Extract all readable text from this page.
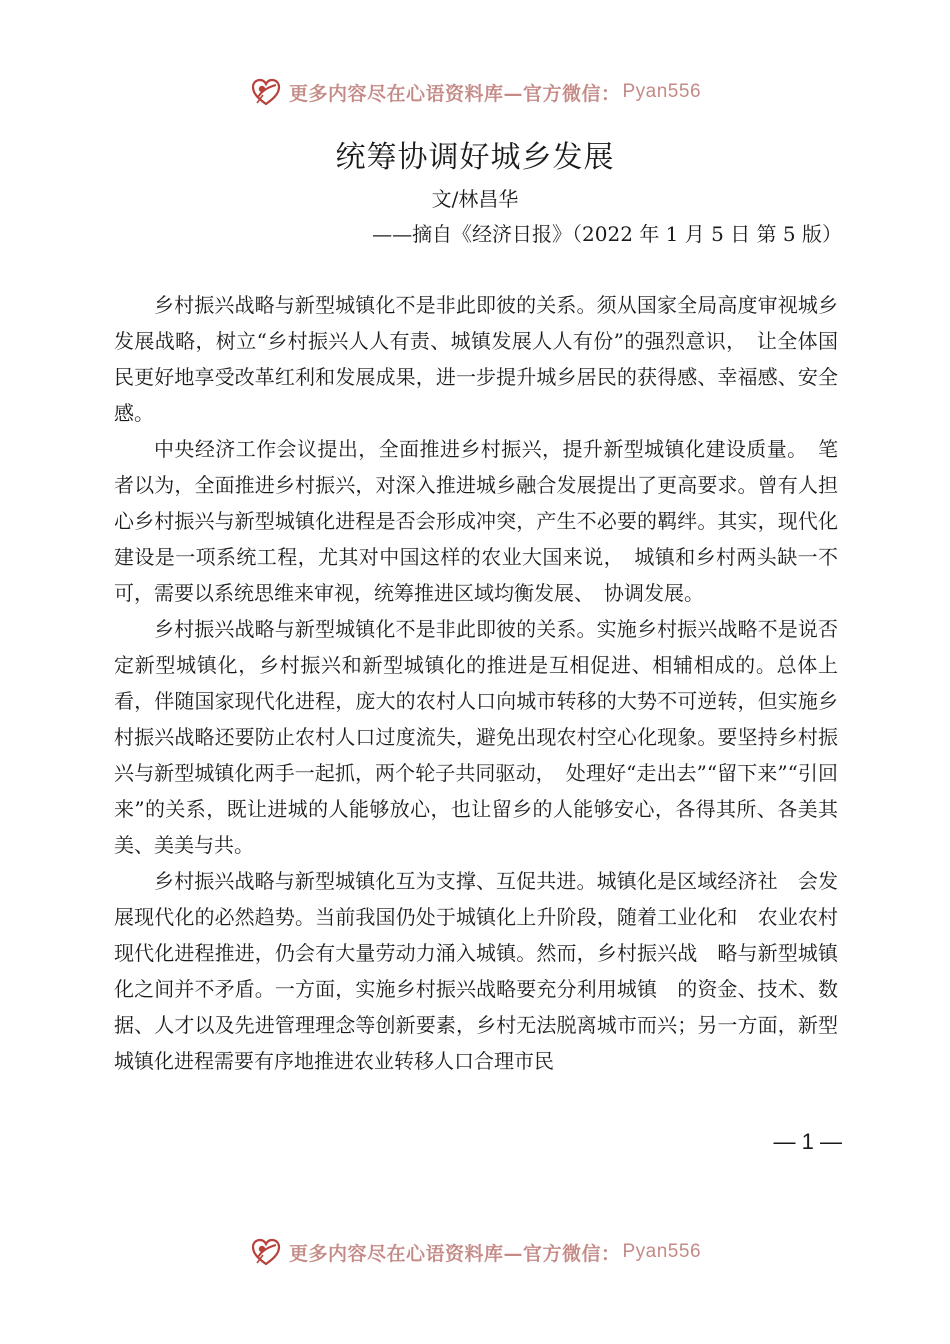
更多内容尽在心语资料库—官方微信： Pyan556
统筹协调好城乡发展
文/林昌华
——摘自《经济日报》（2022 年 1 月 5 日 第 5 版）

乡村振兴战略与新型城镇化不是非此即彼的关系。须从国家全局高度审视城乡发展战略，树立“乡村振兴人人有责、城镇发展人人有份”的强烈意识，　让全体国民更好地享受改革红利和发展成果，进一步提升城乡居民的获得感、幸福感、安全感。

中央经济工作会议提出，全面推进乡村振兴，提升新型城镇化建设质量。　笔者以为，全面推进乡村振兴，对深入推进城乡融合发展提出了更高要求。曾有人担心乡村振兴与新型城镇化进程是否会形成冲突，产生不必要的羁绊。其实，现代化建设是一项系统工程，尤其对中国这样的农业大国来说，　城镇和乡村两头缺一不可，需要以系统思维来审视，统筹推进区域均衡发展、　协调发展。

乡村振兴战略与新型城镇化不是非此即彼的关系。实施乡村振兴战略不是说否定新型城镇化，乡村振兴和新型城镇化的推进是互相促进、相辅相成的。总体上看，伴随国家现代化进程，庞大的农村人口向城市转移的大势不可逆转，但实施乡村振兴战略还要防止农村人口过度流失，避免出现农村空心化现象。要坚持乡村振兴与新型城镇化两手一起抓，两个轮子共同驱动，　处理好“走出去”“留下来”“引回来”的关系，既让进城的人能够放心，也让留乡的人能够安心，各得其所、各美其美、美美与共。

乡村振兴战略与新型城镇化互为支撑、互促共进。城镇化是区域经济社　会发展现代化的必然趋势。当前我国仍处于城镇化上升阶段，随着工业化和　农业农村现代化进程推进，仍会有大量劳动力涌入城镇。然而，乡村振兴战　略与新型城镇化之间并不矛盾。一方面，实施乡村振兴战略要充分利用城镇　的资金、技术、数据、人才以及先进管理理念等创新要素，乡村无法脱离城市而兴；另一方面，新型城镇化进程需要有序地推进农业转移人口合理市民

— 1 —
更多内容尽在心语资料库—官方微信： Pyan556
